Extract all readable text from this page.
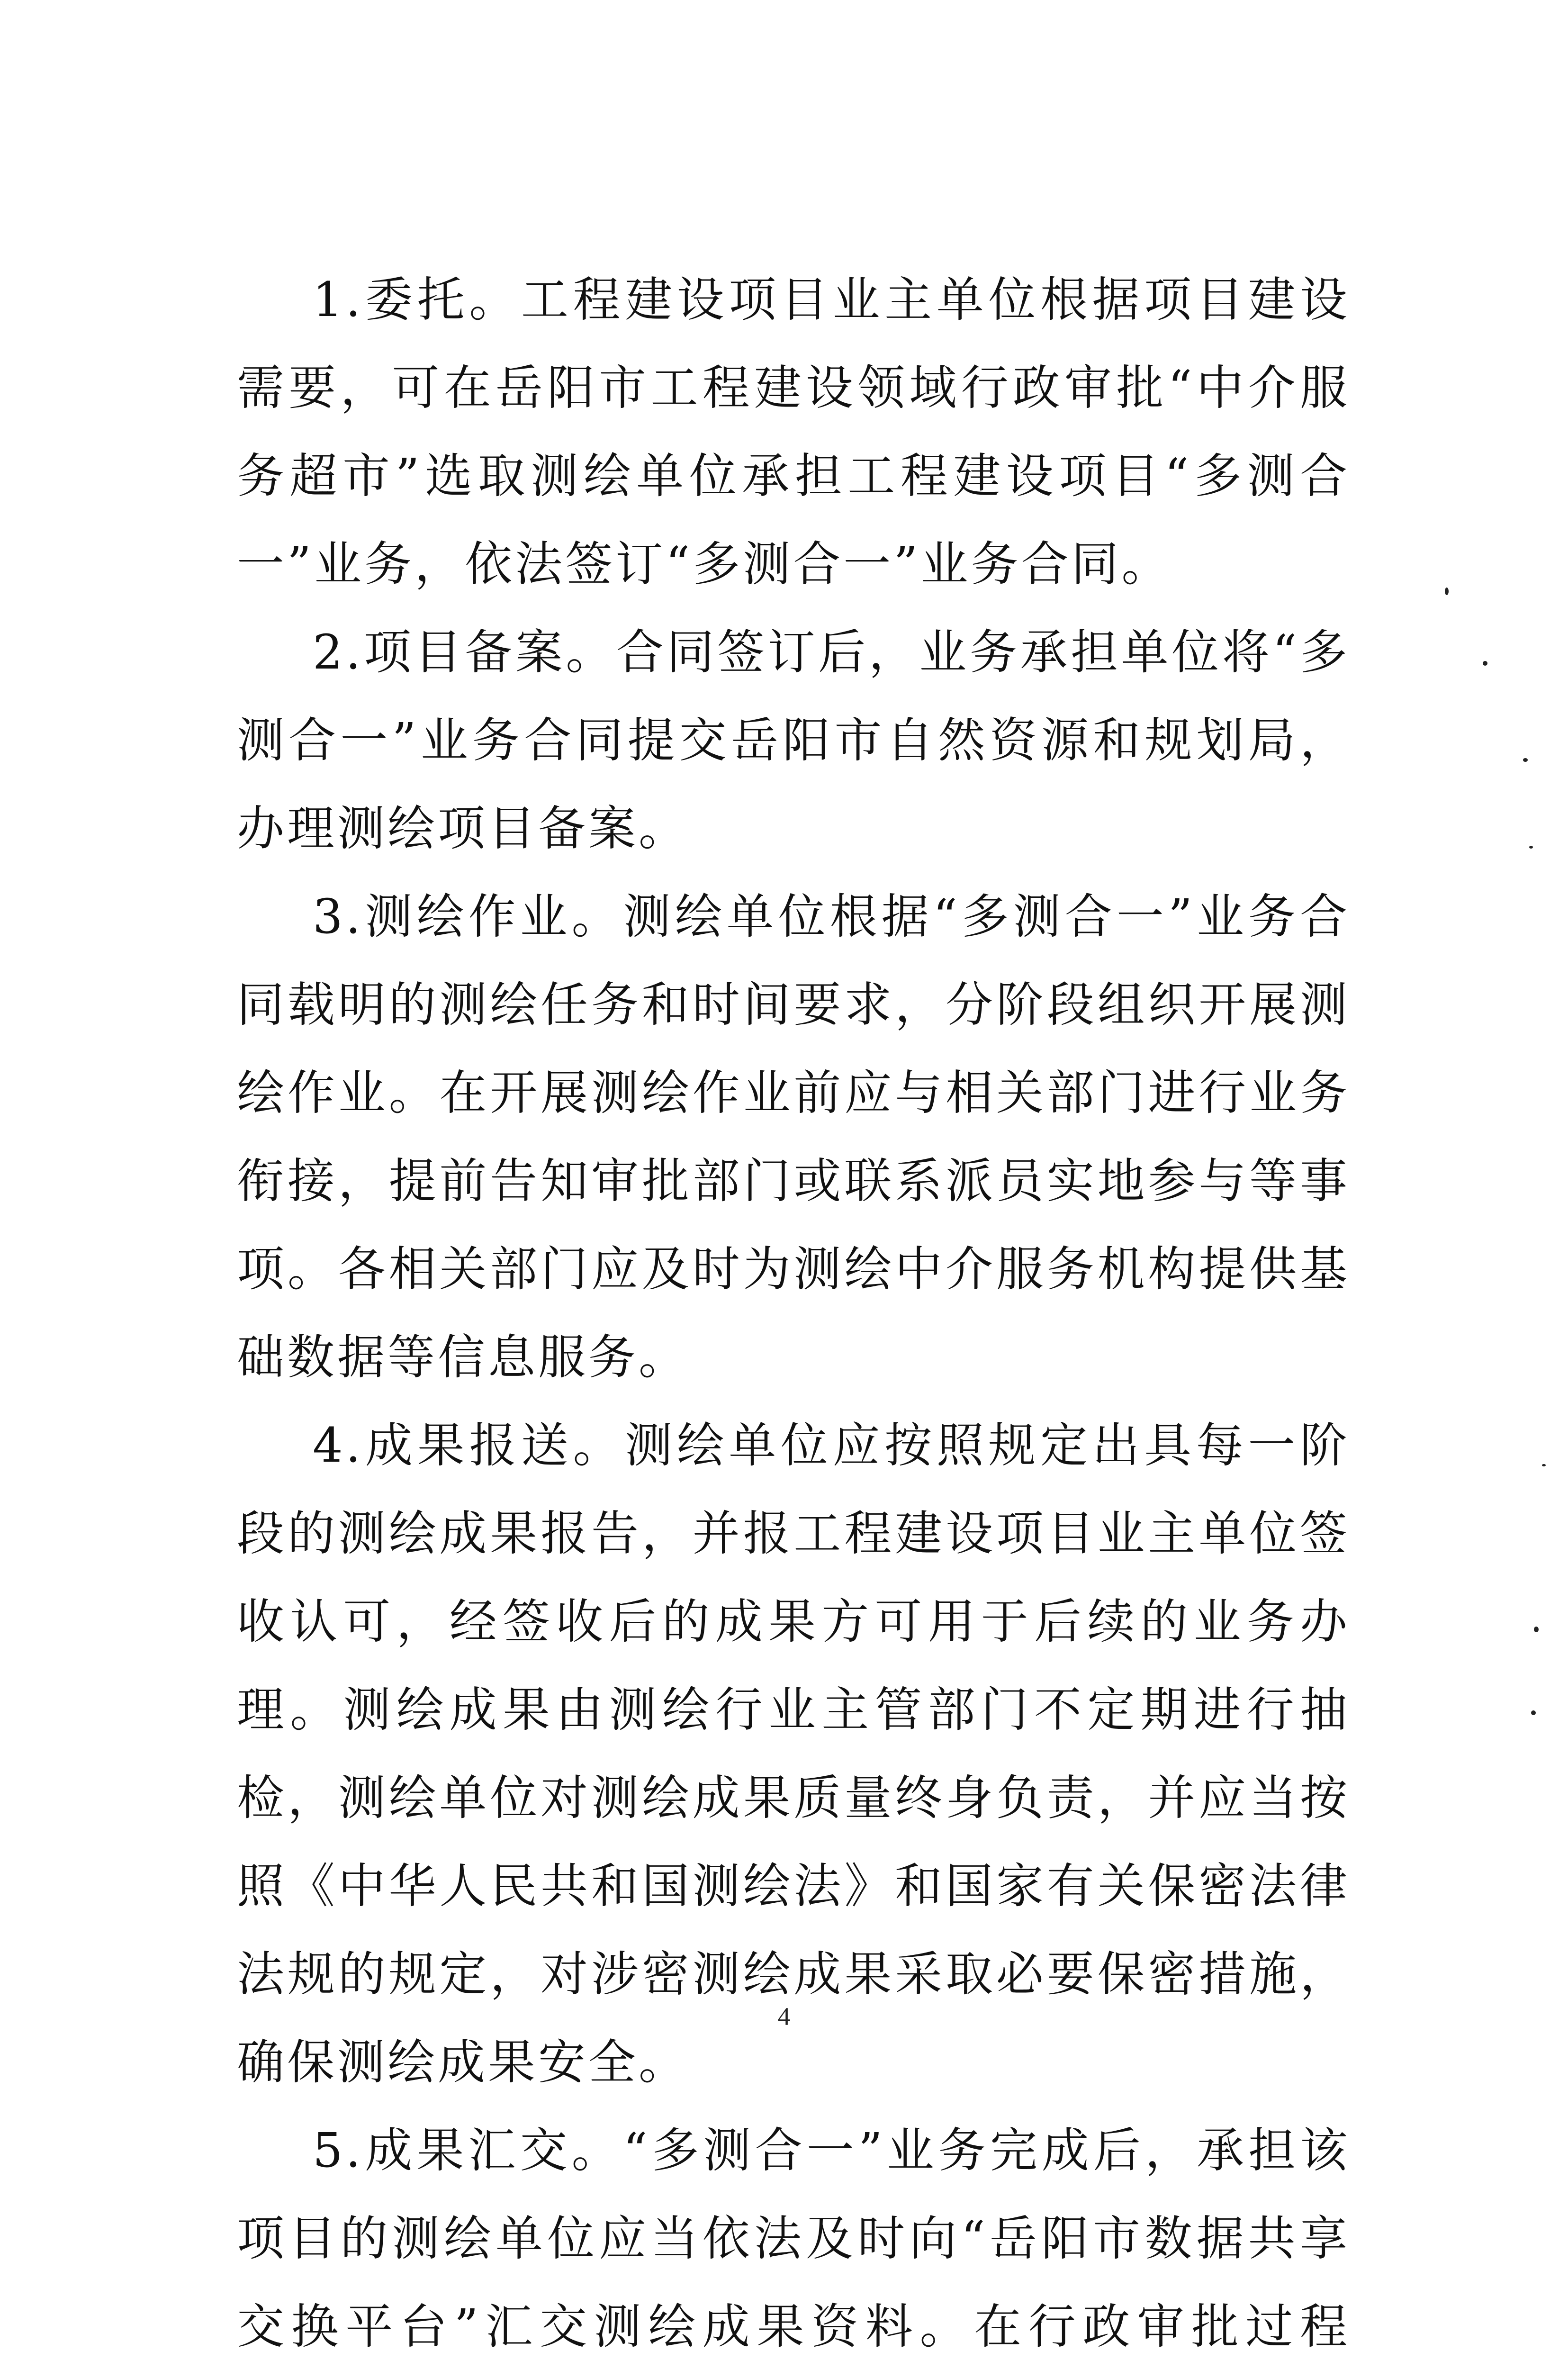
1.委托。工程建设项目业主单位根据项目建设需要，可在岳阳市工程建设领域行政审批“中介服务超市”选取测绘单位承担工程建设项目“多测合一”业务，依法签订“多测合一”业务合同。

2.项目备案。合同签订后，业务承担单位将“多测合一”业务合同提交岳阳市自然资源和规划局，办理测绘项目备案。

3.测绘作业。测绘单位根据“多测合一”业务合同载明的测绘任务和时间要求，分阶段组织开展测绘作业。在开展测绘作业前应与相关部门进行业务衔接，提前告知审批部门或联系派员实地参与等事项。各相关部门应及时为测绘中介服务机构提供基础数据等信息服务。

4.成果报送。测绘单位应按照规定出具每一阶段的测绘成果报告，并报工程建设项目业主单位签收认可，经签收后的成果方可用于后续的业务办理。测绘成果由测绘行业主管部门不定期进行抽检，测绘单位对测绘成果质量终身负责，并应当按照《中华人民共和国测绘法》和国家有关保密法律法规的规定，对涉密测绘成果采取必要保密措施，确保测绘成果安全。

5.成果汇交。“多测合一”业务完成后，承担该项目的测绘单位应当依法及时向“岳阳市数据共享交换平台”汇交测绘成果资料。在行政审批过程

4
